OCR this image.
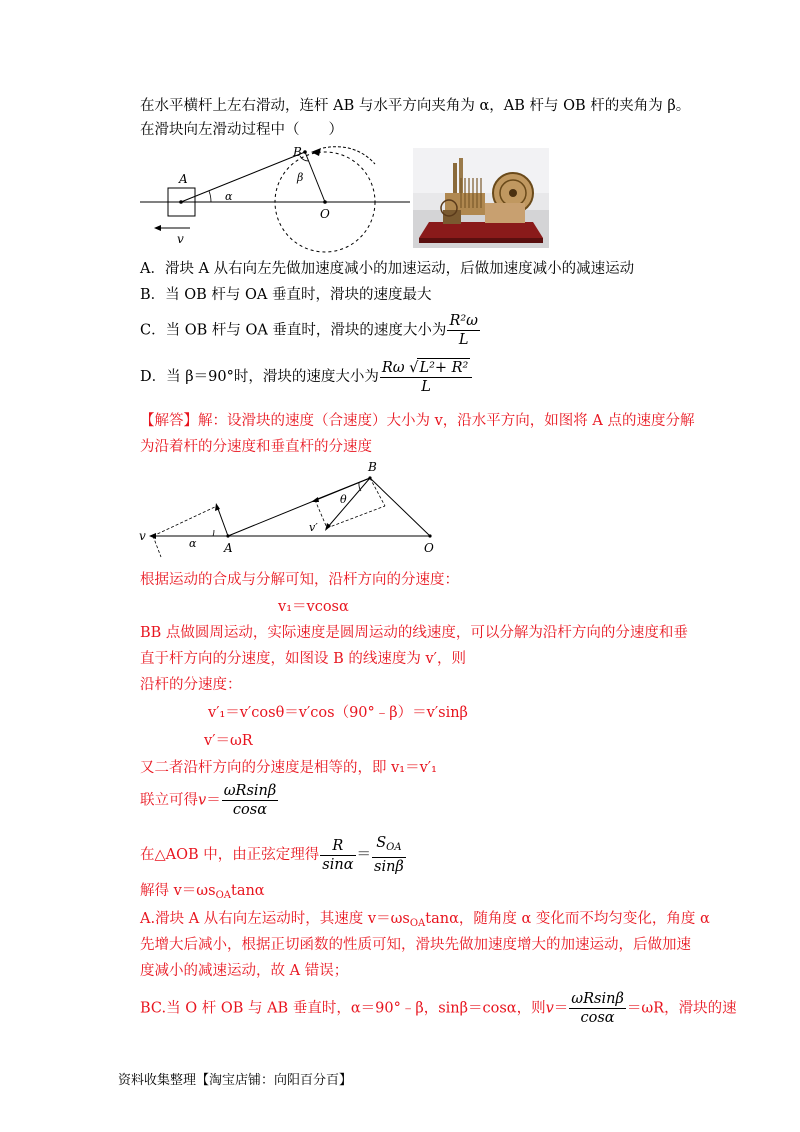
在水平横杆上左右滑动，连杆 AB 与水平方向夹角为 α，AB 杆与 OB 杆的夹角为 β。
在滑块向左滑动过程中（　　）
A
B
O
α
β
v
A．滑块 A 从右向左先做加速度减小的加速运动，后做加速度减小的减速运动
B．当 OB 杆与 OA 垂直时，滑块的速度最大
C．当 OB 杆与 OA 垂直时，滑块的速度大小为 $\frac{\text{R²ω}}{L}$
D．当 β＝90°时，滑块的速度大小为 $\frac{\text{Rω √L²+ R²}}{L}$
【解答】解：设滑块的速度（合速度）大小为 v，沿水平方向，如图将 A 点的速度分解
为沿着杆的分速度和垂直杆的分速度
B
A	O
v
v′
α
θ
根据运动的合成与分解可知，沿杆方向的分速度：
v₁＝vcosα
BB 点做圆周运动，实际速度是圆周运动的线速度，可以分解为沿杆方向的分速度和垂
直于杆方向的分速度，如图设 B 的线速度为 v′，则
沿杆的分速度：
v′₁＝v′cosθ＝v′cos（90°﹣β）＝v′sinβ
v′＝ωR
又二者沿杆方向的分速度是相等的，即 v₁＝v′₁
联立可得$v= \frac{\omega Rsin\beta}{\cos\alpha}$
在△AOB 中，由正弦定理得 $\frac{R}{\sin\alpha} = \frac{S_{OA}}{\sin\beta}$
解得 $v=\omega s_{OA}\tan\alpha$
A.滑块 A 从右向左运动时，其速度 $v=\omega s_{OA}\tan\alpha$，随角度 α 变化而不均匀变化，角度 α
先增大后减小，根据正切函数的性质可知，滑块先做加速度增大的加速运动，后做加速
度减小的减速运动，故 A 错误；
BC.当 O 杆 OB 与 AB 垂直时，α＝90°﹣β，sinβ＝cosα，则$v= \frac{\omega Rsin\beta}{\cos\alpha} =\omega R$，滑块的速
资料收集整理【淘宝店铺：向阳百分百】
